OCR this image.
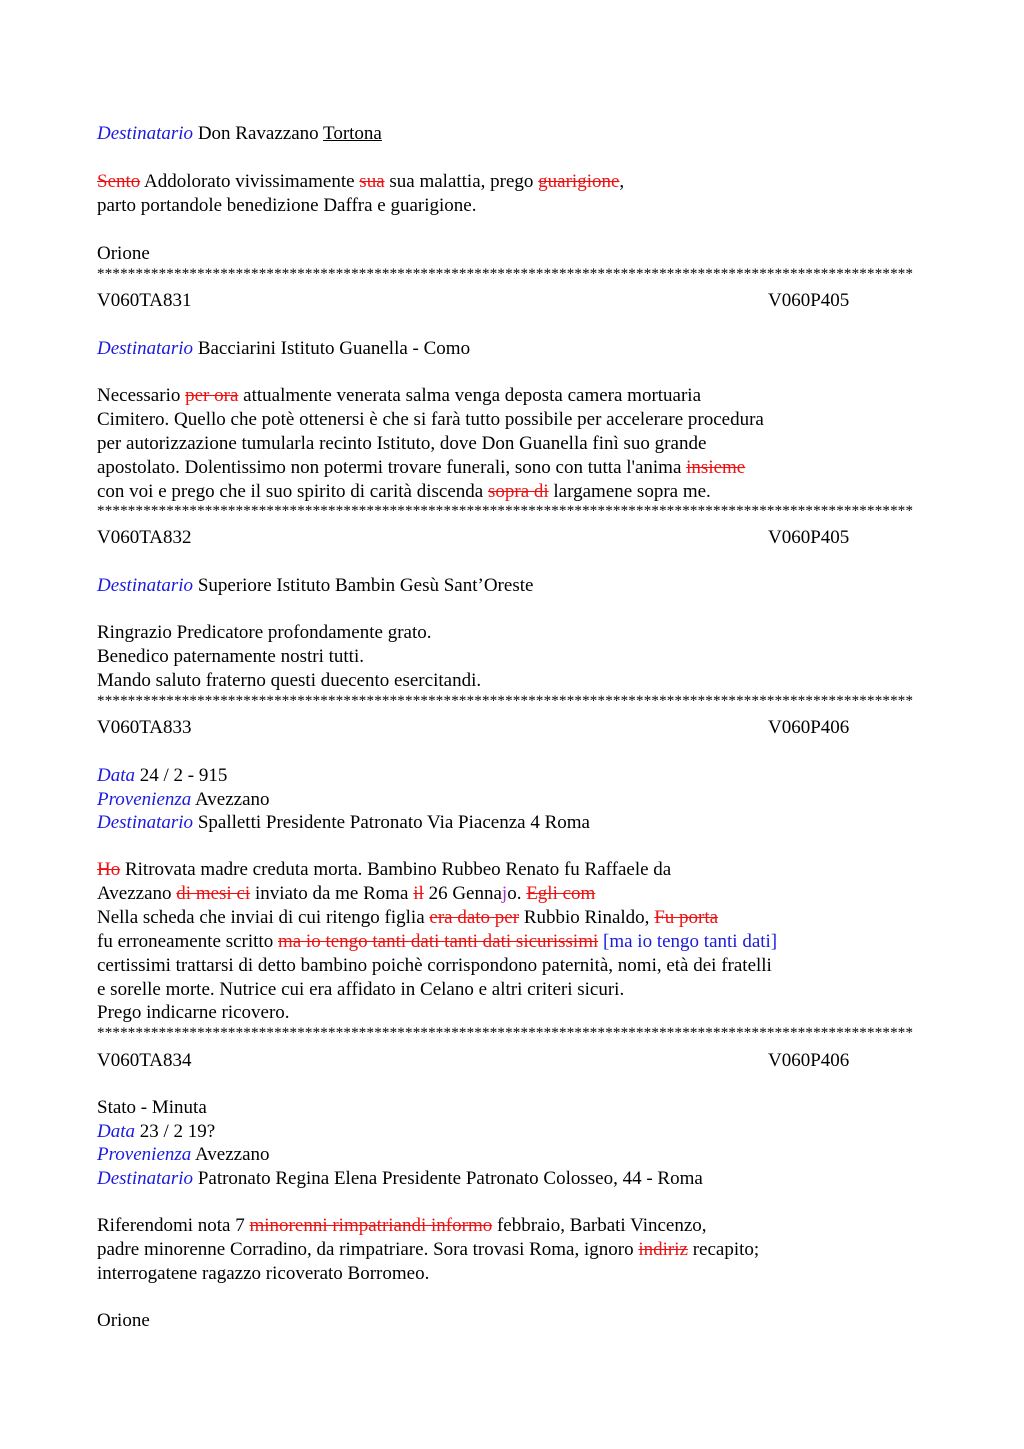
Destinatario Don Ravazzano Tortona
Sento Addolorato vivissimamente sua sua malattia, prego guarigione,
parto portandole benedizione Daffra e guarigione.
Orione
**********************************************************************************************************
V060TA831	V060P405
Destinatario Bacciarini Istituto Guanella - Como
Necessario per ora attualmente venerata salma venga deposta camera mortuaria
Cimitero. Quello che potè ottenersi è che si farà tutto possibile per accelerare procedura
per autorizzazione tumularla recinto Istituto, dove Don Guanella finì suo grande
apostolato. Dolentissimo non potermi trovare funerali, sono con tutta l'anima insieme
con voi e prego che il suo spirito di carità discenda sopra di largamene sopra me.
**********************************************************************************************************
V060TA832	V060P405
Destinatario Superiore Istituto Bambin Gesù Sant’Oreste
Ringrazio Predicatore profondamente grato.
Benedico paternamente nostri tutti.
Mando saluto fraterno questi duecento esercitandi.
**********************************************************************************************************
V060TA833	V060P406
Data 24 / 2 - 915
Provenienza Avezzano
Destinatario Spalletti Presidente Patronato Via Piacenza 4 Roma
Ho Ritrovata madre creduta morta. Bambino Rubbeo Renato fu Raffaele da
Avezzano di mesi ci inviato da me Roma il 26 Gennajo. Egli com
Nella scheda che inviai di cui ritengo figlia era dato per Rubbio Rinaldo, Fu porta
fu erroneamente scritto ma io tengo tanti dati tanti dati sicurissimi [ma io tengo tanti dati]
certissimi trattarsi di detto bambino poichè corrispondono paternità, nomi, età dei fratelli
e sorelle morte. Nutrice cui era affidato in Celano e altri criteri sicuri.
Prego indicarne ricovero.
**********************************************************************************************************
V060TA834	V060P406
Stato - Minuta
Data 23 / 2 19?
Provenienza Avezzano
Destinatario Patronato Regina Elena Presidente Patronato Colosseo, 44 - Roma
Riferendomi nota 7 minorenni rimpatriandi informo febbraio, Barbati Vincenzo,
padre minorenne Corradino, da rimpatriare. Sora trovasi Roma, ignoro indiriz recapito;
interrogatene ragazzo ricoverato Borromeo.
Orione
